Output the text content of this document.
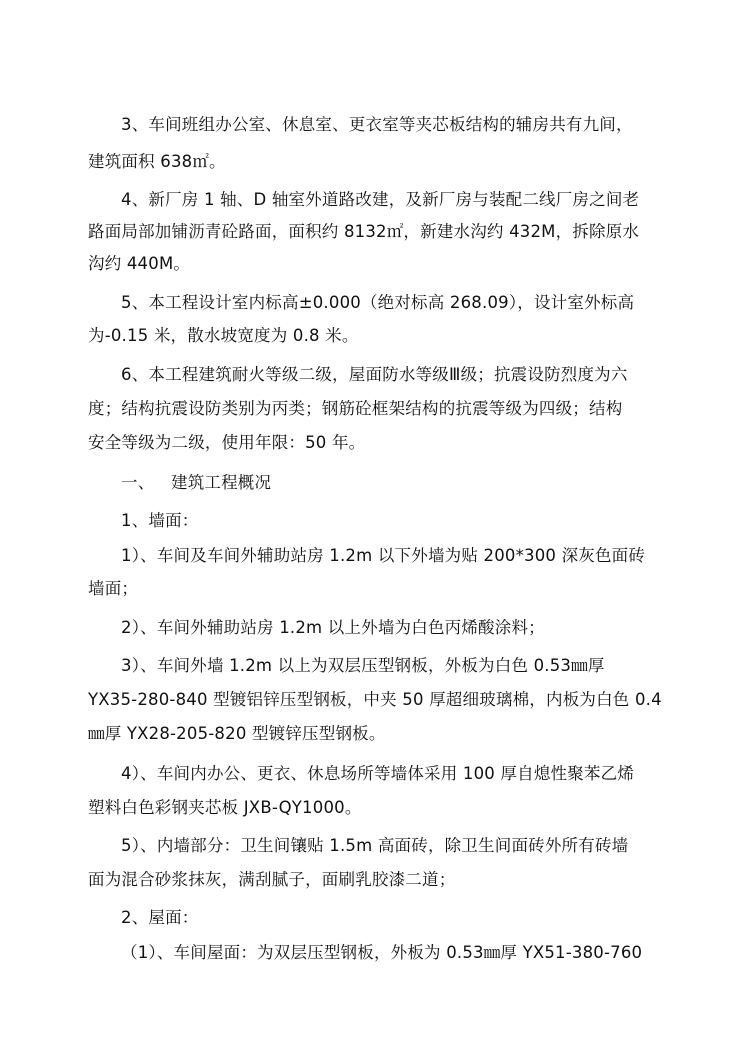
3、车间班组办公室、休息室、更衣室等夹芯板结构的辅房共有九间，
建筑面积 638㎡。
4、新厂房 1 轴、D 轴室外道路改建，及新厂房与装配二线厂房之间老
路面局部加铺沥青砼路面，面积约 8132㎡，新建水沟约 432M，拆除原水
沟约 440M。
5、本工程设计室内标高±0.000（绝对标高 268.09），设计室外标高
为-0.15 米，散水坡宽度为 0.8 米。
6、本工程建筑耐火等级二级，屋面防水等级Ⅲ级；抗震设防烈度为六
度；结构抗震设防类别为丙类；钢筋砼框架结构的抗震等级为四级；结构
安全等级为二级，使用年限：50 年。
一、 建筑工程概况
1、墙面：
1）、车间及车间外辅助站房 1.2m 以下外墙为贴 200*300 深灰色面砖
墙面；
2）、车间外辅助站房 1.2m 以上外墙为白色丙烯酸涂料；
3）、车间外墙 1.2m 以上为双层压型钢板，外板为白色 0.53㎜厚
YX35-280-840 型镀铝锌压型钢板，中夹 50 厚超细玻璃棉，内板为白色 0.4
㎜厚 YX28-205-820 型镀锌压型钢板。
4）、车间内办公、更衣、休息场所等墙体采用 100 厚自熄性聚苯乙烯
塑料白色彩钢夹芯板 JXB-QY1000。
5）、内墙部分：卫生间镶贴 1.5m 高面砖，除卫生间面砖外所有砖墙
面为混合砂浆抹灰，满刮腻子，面刷乳胶漆二道；
2、屋面：
（1）、车间屋面：为双层压型钢板，外板为 0.53㎜厚 YX51-380-760
